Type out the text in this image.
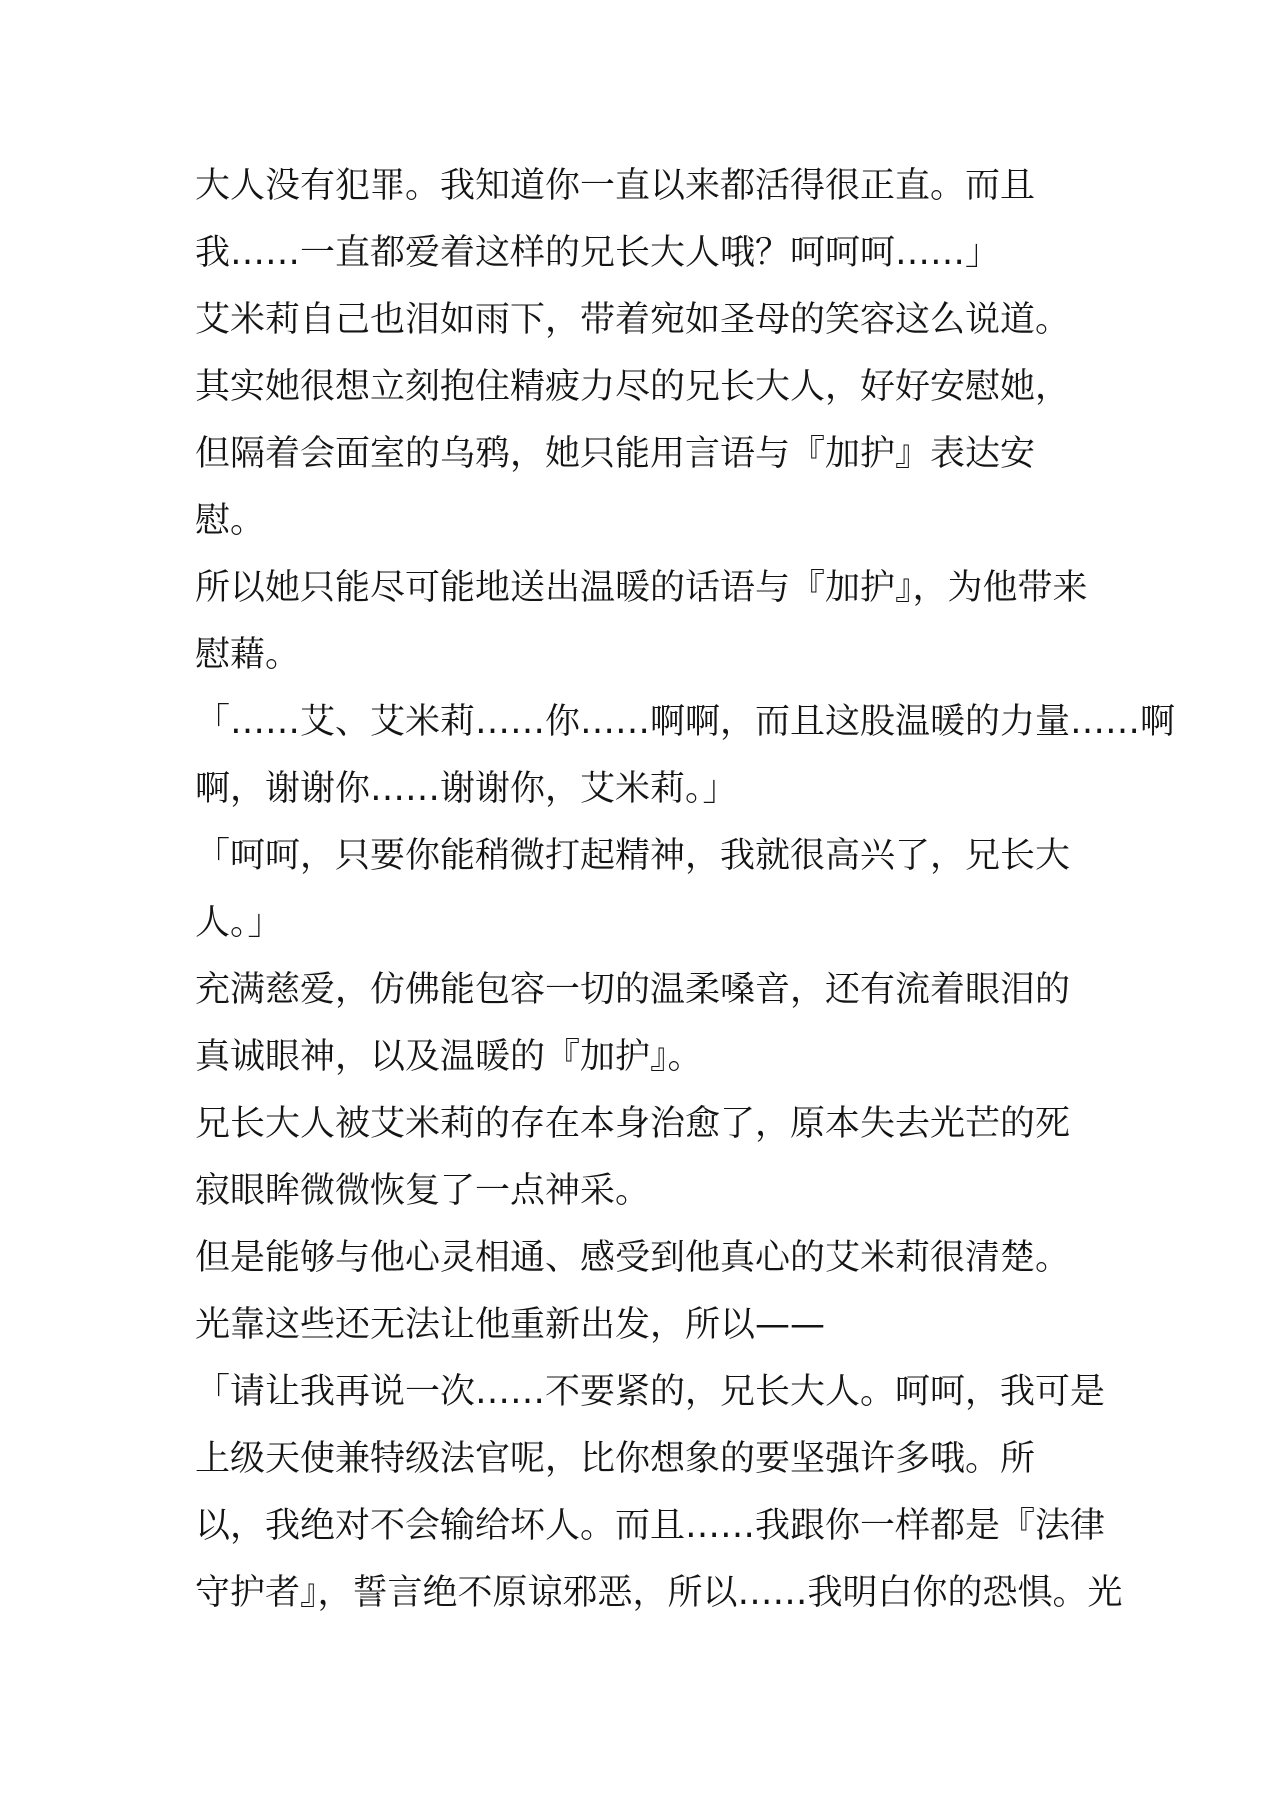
大人没有犯罪。我知道你一直以来都活得很正直。而且
我……一直都爱着这样的兄长大人哦？呵呵呵……」
艾米莉自己也泪如雨下，带着宛如圣母的笑容这么说道。
其实她很想立刻抱住精疲力尽的兄长大人，好好安慰她，
但隔着会面室的乌鸦，她只能用言语与『加护』表达安
慰。
所以她只能尽可能地送出温暖的话语与『加护』，为他带来
慰藉。
「……艾、艾米莉……你……啊啊，而且这股温暖的力量……啊
啊，谢谢你……谢谢你，艾米莉。」
「呵呵，只要你能稍微打起精神，我就很高兴了，兄长大
人。」
充满慈爱，仿佛能包容一切的温柔嗓音，还有流着眼泪的
真诚眼神，以及温暖的『加护』。
兄长大人被艾米莉的存在本身治愈了，原本失去光芒的死
寂眼眸微微恢复了一点神采。
但是能够与他心灵相通、感受到他真心的艾米莉很清楚。
光靠这些还无法让他重新出发，所以——
「请让我再说一次……不要紧的，兄长大人。呵呵，我可是
上级天使兼特级法官呢，比你想象的要坚强许多哦。所
以，我绝对不会输给坏人。而且……我跟你一样都是『法律
守护者』，誓言绝不原谅邪恶，所以……我明白你的恐惧。光
